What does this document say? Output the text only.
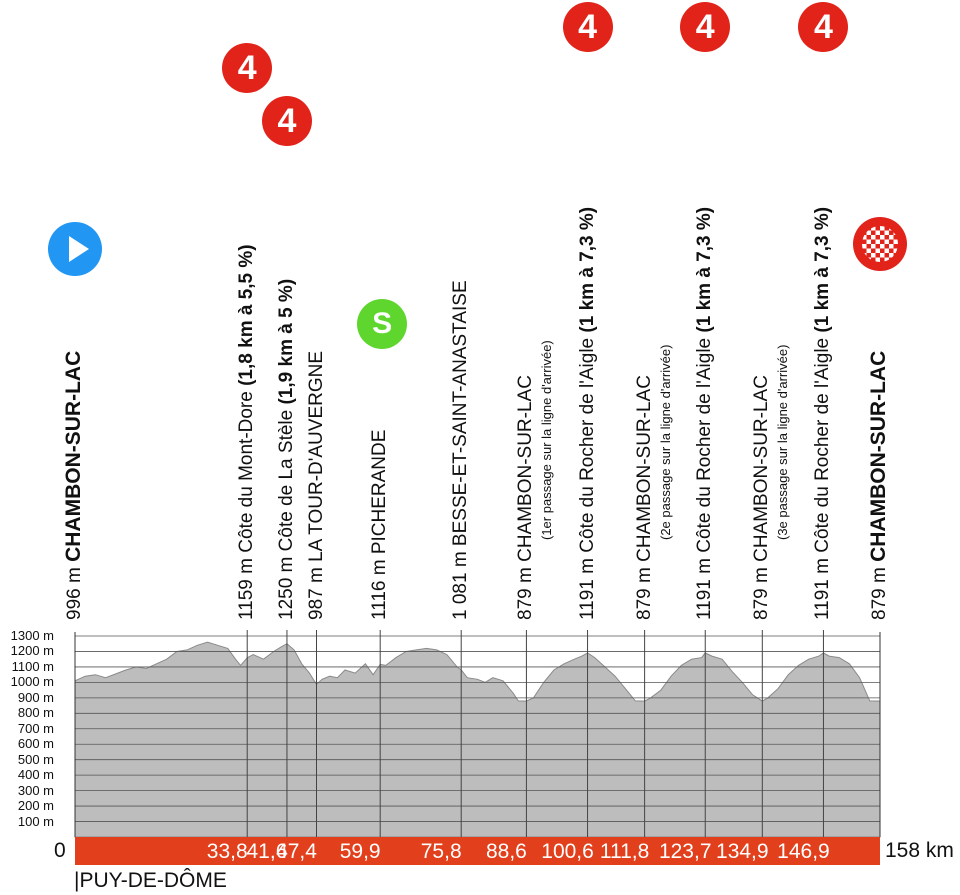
996 m CHAMBON-SUR-LAC
1159 m Côte du Mont-Dore (1,8 km à 5,5 %)
1250 m Côte de La Stèle (1,9 km à 5 %)
987 m LA TOUR-D'AUVERGNE
1116 m PICHERANDE
1 081 m BESSE-ET-SAINT-ANASTAISE
879 m CHAMBON-SUR-LAC (1er passage sur la ligne d'arrivée)
1191 m Côte du Rocher de l'Aigle (1 km à 7,3 %)
879 m CHAMBON-SUR-LAC (2e passage sur la ligne d'arrivée)
1191 m Côte du Rocher de l'Aigle (1 km à 7,3 %)
879 m CHAMBON-SUR-LAC (3e passage sur la ligne d'arrivée)
1191 m Côte du Rocher de l'Aigle (1 km à 7,3 %)
879 m CHAMBON-SUR-LAC
4
4
S
4	4	4
1300 m
1200 m
1100 m
1000 m
900 m
800 m
700 m
600 m
500 m
400 m
300 m
200 m
100 m
33,8
41,6
47,4 59,9 75,8 88,6 100,6 111,8 123,7 134,9 146,9
0	158 km
|PUY-DE-DÔME
